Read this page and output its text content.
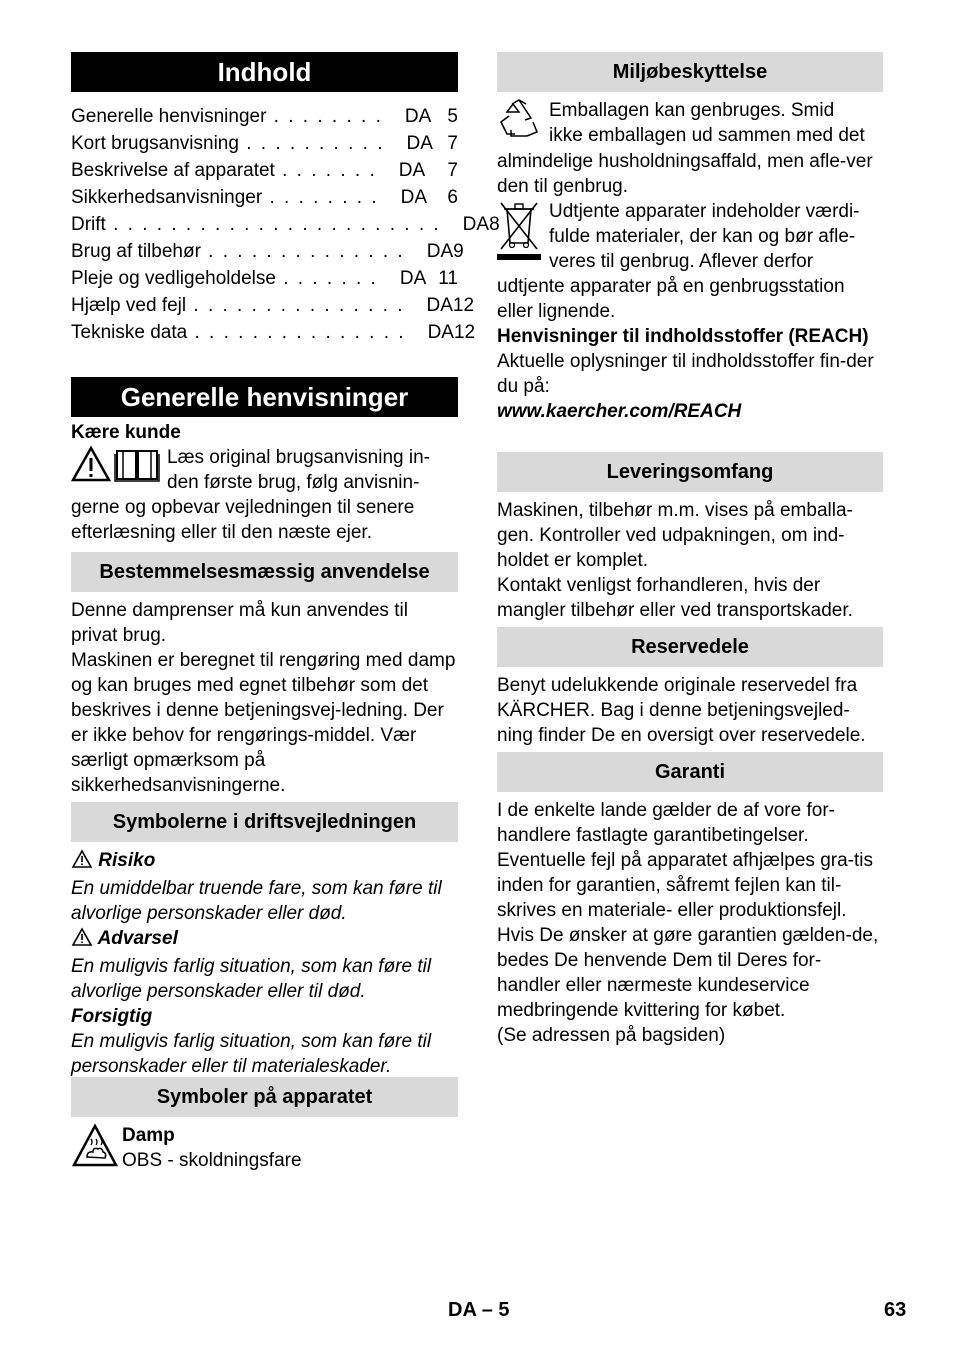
Indhold
Generelle henvisninger . . . . . . . .	DA 5
Kort brugsanvisning . . . . . . . . . .	DA 7
Beskrivelse af apparatet . . . . . . .	DA	7
Sikkerhedsanvisninger . . . . . . . .	DA	6
Drift . . . . . . . . . . . . . . . . . . . . . . .	DA 8
Brug af tilbehør . . . . . . . . . . . . . .	DA 9
Pleje og vedligeholdelse . . . . . . .	DA 11
Hjælp ved fejl . . . . . . . . . . . . . . .	DA 12
Tekniske data . . . . . . . . . . . . . . .	DA 12
Generelle henvisninger

Kære kunde

Læs original brugsanvisning in-

den første brug, følg anvisnin-

gerne og opbevar vejledningen til senere efterlæsning eller til den næste ejer.

Bestemmelsesmæssig anvendelse

Denne damprenser må kun anvendes til privat brug.

Maskinen er beregnet til rengøring med damp og kan bruges med egnet tilbehør som det beskrives i denne betjeningsvej-ledning. Der er ikke behov for rengørings-middel. Vær særligt opmærksom på sikkerhedsanvisningerne.

Symbolerne i driftsvejledningen

Risiko

En umiddelbar truende fare, som kan føre til alvorlige personskader eller død.

Advarsel

En muligvis farlig situation, som kan føre til alvorlige personskader eller til død.

Forsigtig

En muligvis farlig situation, som kan føre til personskader eller til materialeskader.

Symboler på apparatet

Damp

OBS - skoldningsfare

Miljøbeskyttelse

Emballagen kan genbruges. Smid

ikke emballagen ud sammen med det

almindelige husholdningsaffald, men afle-ver den til genbrug.

Udtjente apparater indeholder værdi-

fulde materialer, der kan og bør afle-

veres til genbrug. Aflever derfor

udtjente apparater på en genbrugsstation eller lignende.

Henvisninger til indholdsstoffer (REACH)

Aktuelle oplysninger til indholdsstoffer fin-der du på:

www.kaercher.com/REACH

Leveringsomfang

Maskinen, tilbehør m.m. vises på emballa-gen. Kontroller ved udpakningen, om ind-holdet er komplet.

Kontakt venligst forhandleren, hvis der mangler tilbehør eller ved transportskader.

Reservedele

Benyt udelukkende originale reservedel fra KÄRCHER. Bag i denne betjeningsvejled-ning finder De en oversigt over reservedele.

Garanti

I de enkelte lande gælder de af vore for-handlere fastlagte garantibetingelser. Eventuelle fejl på apparatet afhjælpes gra-tis inden for garantien, såfremt fejlen kan til-skrives en materiale- eller produktionsfejl. Hvis De ønsker at gøre garantien gælden-de, bedes De henvende Dem til Deres for-handler eller nærmeste kundeservice medbringende kvittering for købet.

(Se adressen på bagsiden)

DA – 5	63
